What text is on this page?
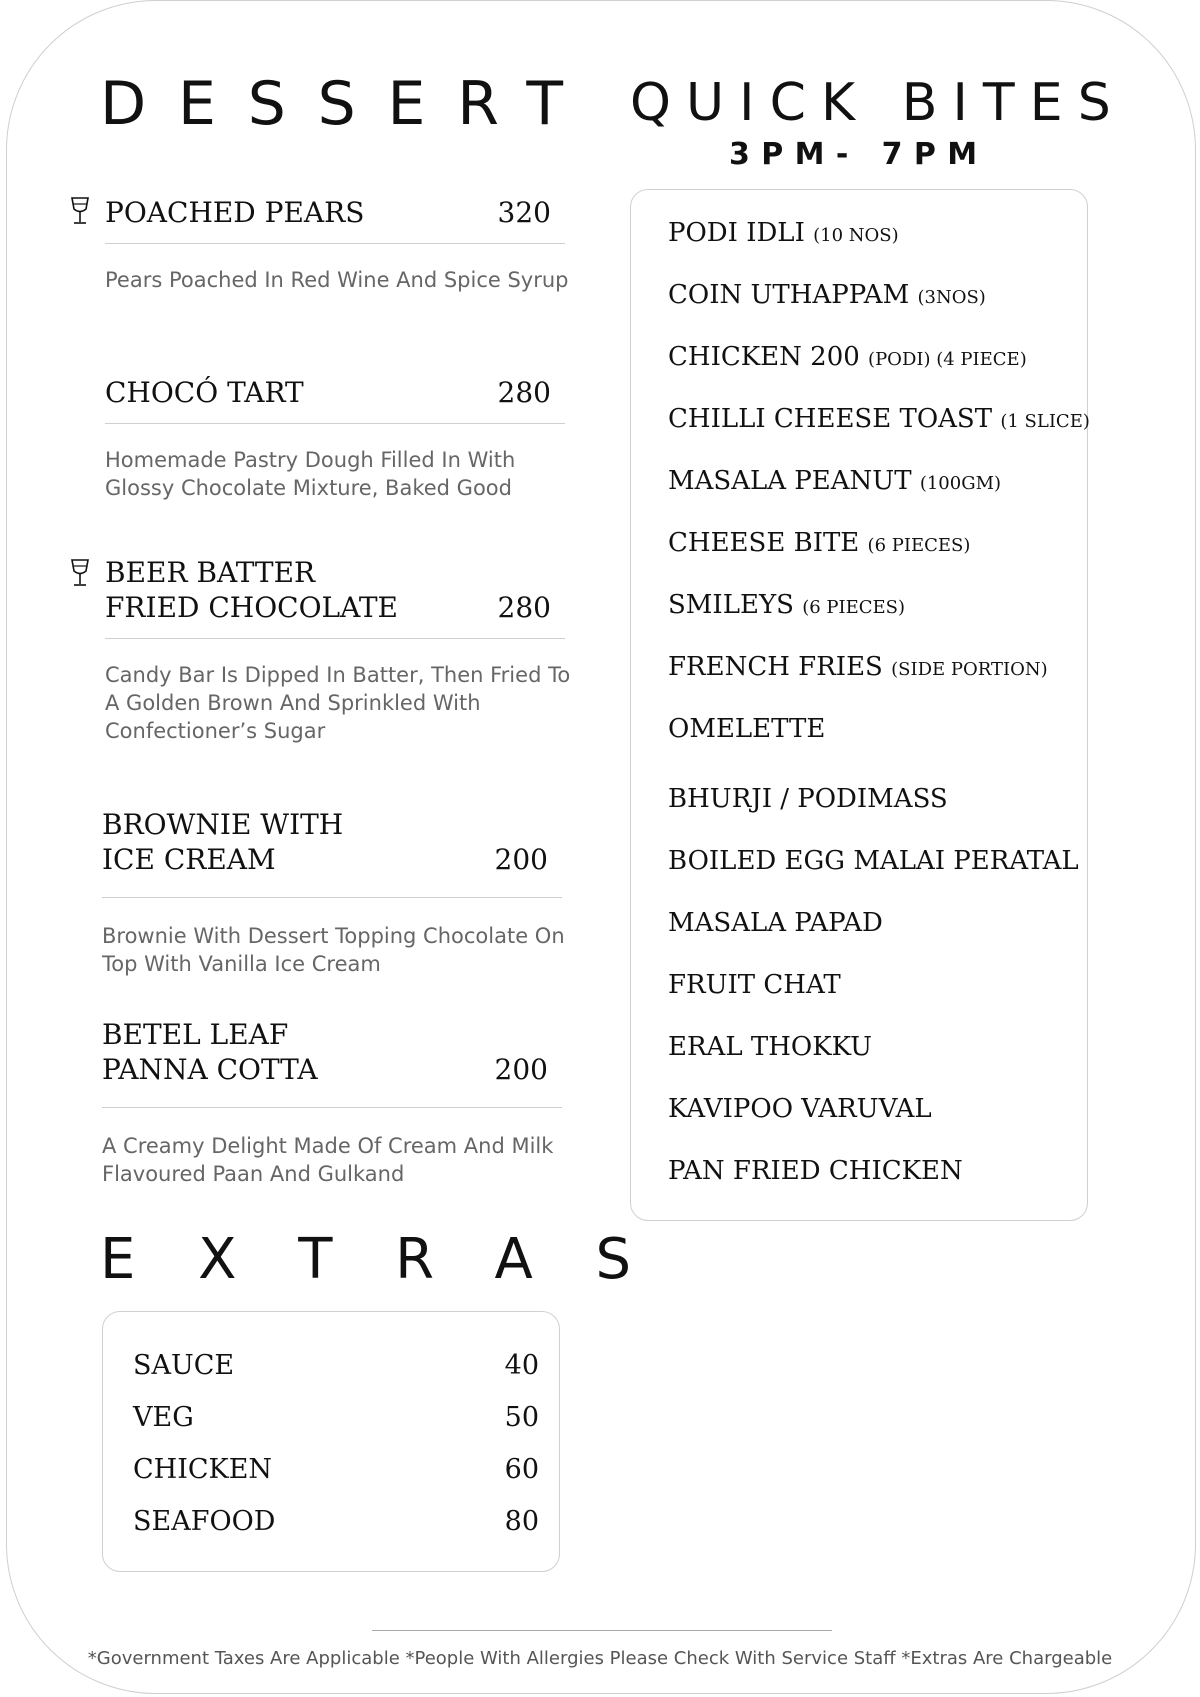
DESSERT
POACHED PEARS	320
Pears Poached In Red Wine And Spice Syrup
CHOCÓ TART	280
Homemade Pastry Dough Filled In With Glossy Chocolate Mixture, Baked Good
BEER BATTER
FRIED CHOCOLATE	280
Candy Bar Is Dipped In Batter, Then Fried To A Golden Brown And Sprinkled With Confectioner’s Sugar
BROWNIE WITH
ICE CREAM	200
Brownie With Dessert Topping Chocolate On Top With Vanilla Ice Cream
BETEL LEAF
PANNA COTTA	200
A Creamy Delight Made Of Cream And Milk Flavoured Paan And Gulkand
QUICK BITES
3PM- 7PM
PODI IDLI (10 NOS)
COIN UTHAPPAM (3NOS)
CHICKEN 200 (PODI) (4 PIECE)
CHILLI CHEESE TOAST (1 SLICE)
MASALA PEANUT (100GM)
CHEESE BITE (6 PIECES)
SMILEYS (6 PIECES)
FRENCH FRIES (SIDE PORTION)
OMELETTE
BHURJI / PODIMASS
BOILED EGG MALAI PERATAL
MASALA PAPAD
FRUIT CHAT
ERAL THOKKU
KAVIPOO VARUVAL
PAN FRIED CHICKEN
EXTRAS
SAUCE	40
VEG	50
CHICKEN	60
SEAFOOD	80
*Government Taxes Are Applicable *People With Allergies Please Check With Service Staff *Extras Are Chargeable
